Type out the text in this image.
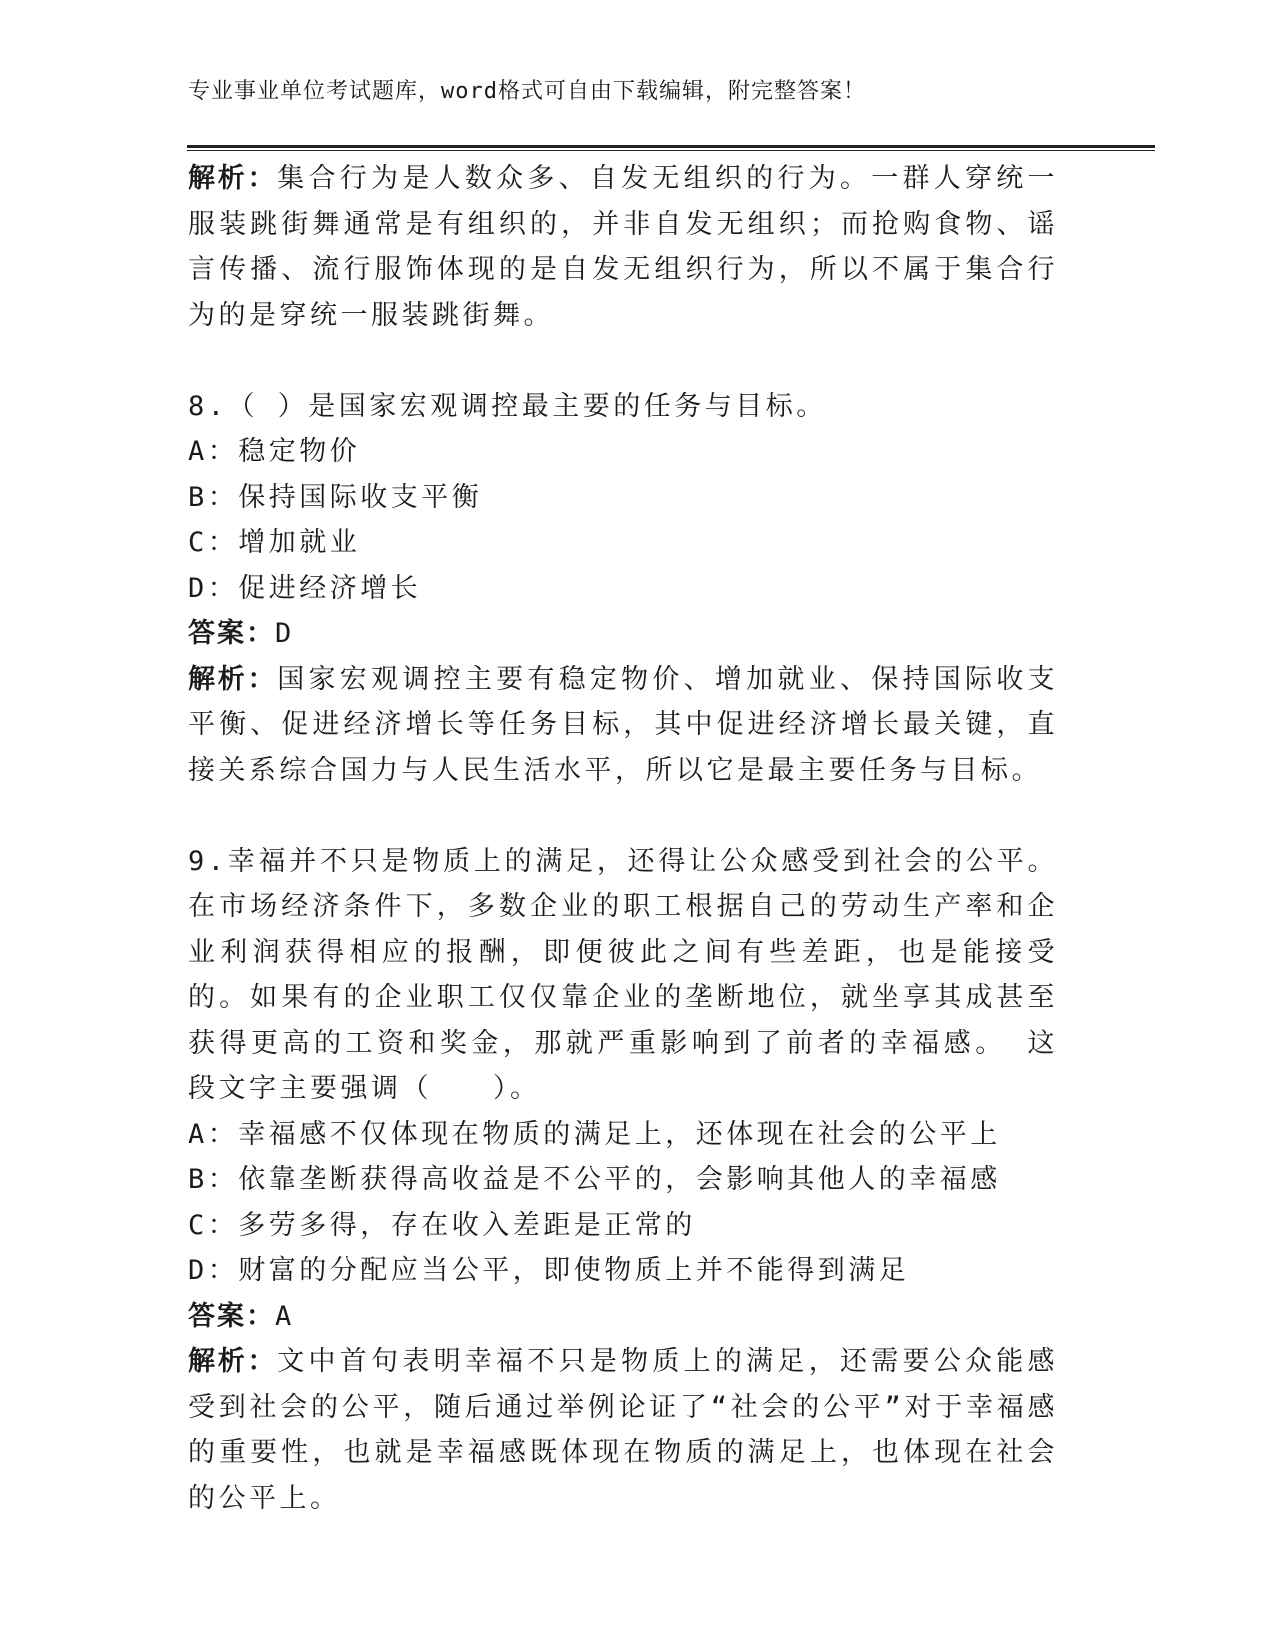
专业事业单位考试题库，word格式可自由下载编辑，附完整答案！

解析：集合行为是人数众多、自发无组织的行为。一群人穿统一服装跳街舞通常是有组织的，并非自发无组织；而抢购食物、谣言传播、流行服饰体现的是自发无组织行为，所以不属于集合行为的是穿统一服装跳街舞。

8.（ ）是国家宏观调控最主要的任务与目标。

A：稳定物价

B：保持国际收支平衡

C：增加就业

D：促进经济增长

答案：D

解析：国家宏观调控主要有稳定物价、增加就业、保持国际收支平衡、促进经济增长等任务目标，其中促进经济增长最关键，直接关系综合国力与人民生活水平，所以它是最主要任务与目标。

9.幸福并不只是物质上的满足，还得让公众感受到社会的公平。在市场经济条件下，多数企业的职工根据自己的劳动生产率和企业利润获得相应的报酬，即便彼此之间有些差距，也是能接受的。如果有的企业职工仅仅靠企业的垄断地位，就坐享其成甚至获得更高的工资和奖金，那就严重影响到了前者的幸福感。 这段文字主要强调（　　）。

A：幸福感不仅体现在物质的满足上，还体现在社会的公平上

B：依靠垄断获得高收益是不公平的，会影响其他人的幸福感

C：多劳多得，存在收入差距是正常的

D：财富的分配应当公平，即使物质上并不能得到满足

答案：A

解析：文中首句表明幸福不只是物质上的满足，还需要公众能感受到社会的公平，随后通过举例论证了“社会的公平”对于幸福感的重要性，也就是幸福感既体现在物质的满足上，也体现在社会的公平上。
